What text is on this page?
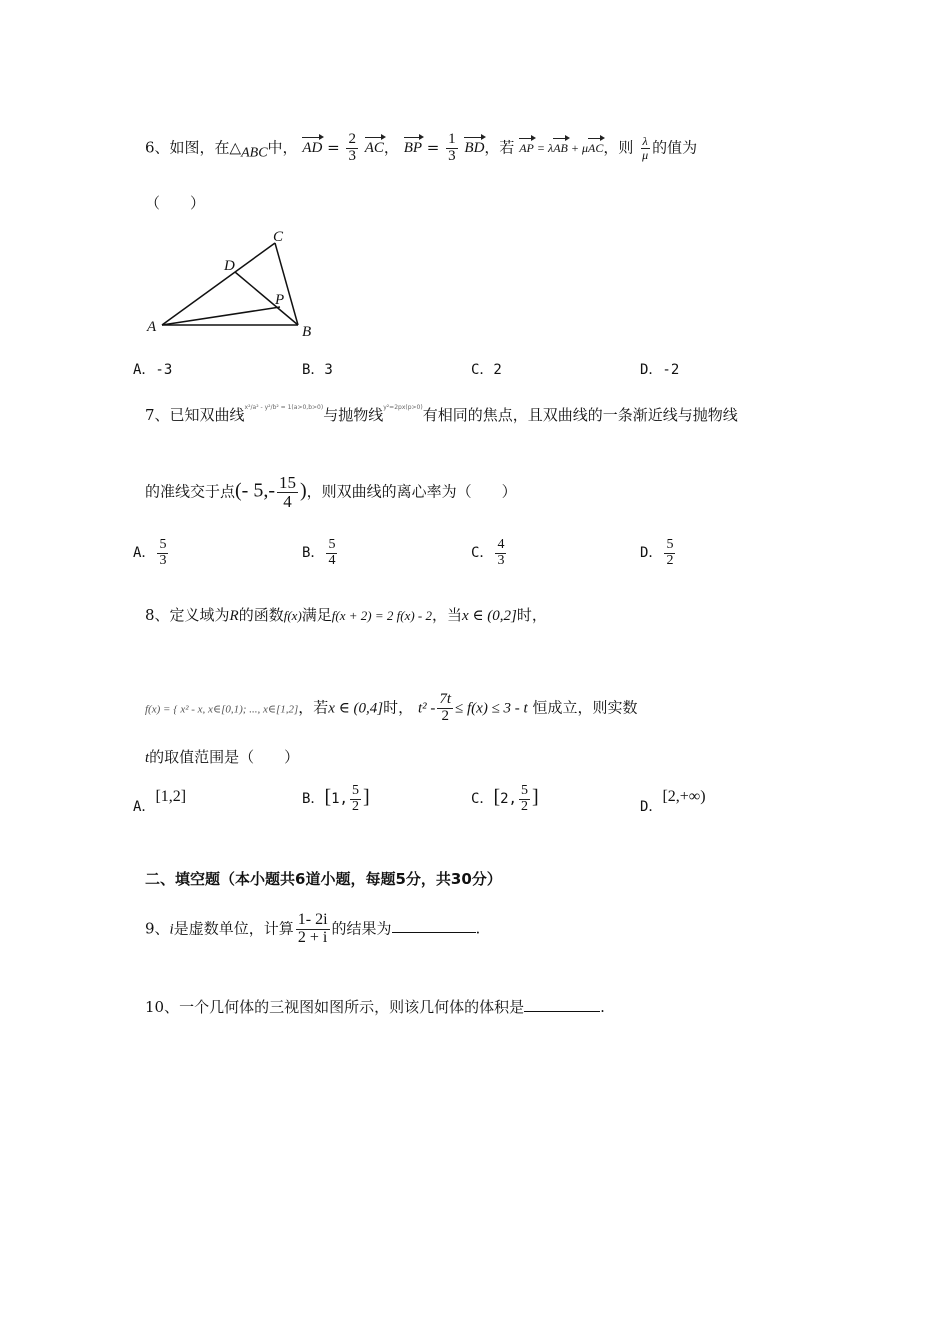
6、如图，在$\triangle_{ABC}$中， AD = $\frac{2}{3}$ AC， BP = $\frac{1}{3}$ BD，若 AP = λAB + μAC，则 $\frac{\lambda}{\mu}$ 的值为
（　　）
A	B
C
D
P
A．-3	B．3	C．2	D．-2
7、已知双曲线$^{x^2/a^2 - y^2/b^2 = 1(a>0,b>0)}$与抛物线$^{y^2=2px(p>0)}$有相同的焦点，且双曲线的一条渐近线与抛物线
的准线交于点(- $5,- \frac{15}{4}$ )，则双曲线的离心率为（　　）
A． $\frac{5}{3}$	B． $\frac{5}{4}$	C． $\frac{4}{3}$	D． $\frac{5}{2}$
8、定义域为R的函数f(x)满足f(x + 2) = 2 f(x) - 2，当x ∈ (0,2]时，
f(x) = { x² - x, x∈[0,1); ..., x∈[1,2]，若x ∈ (0,4]时， $t^2 - \frac{7t}{2} \le f(x) \le 3 - t$ 恒成立，则实数
t的取值范围是（　　）
A．[1,2]	B．[1, $\frac{5}{2}$ ]	C．[2, $\frac{5}{2}$ ]	D．[2,+∞)
二、填空题（本小题共6道小题，每题5分，共30分）
9、i是虚数单位，计算 $\frac{1- 2i}{2 + i}$ 的结果为	.
10、一个几何体的三视图如图所示，则该几何体的体积是	.
